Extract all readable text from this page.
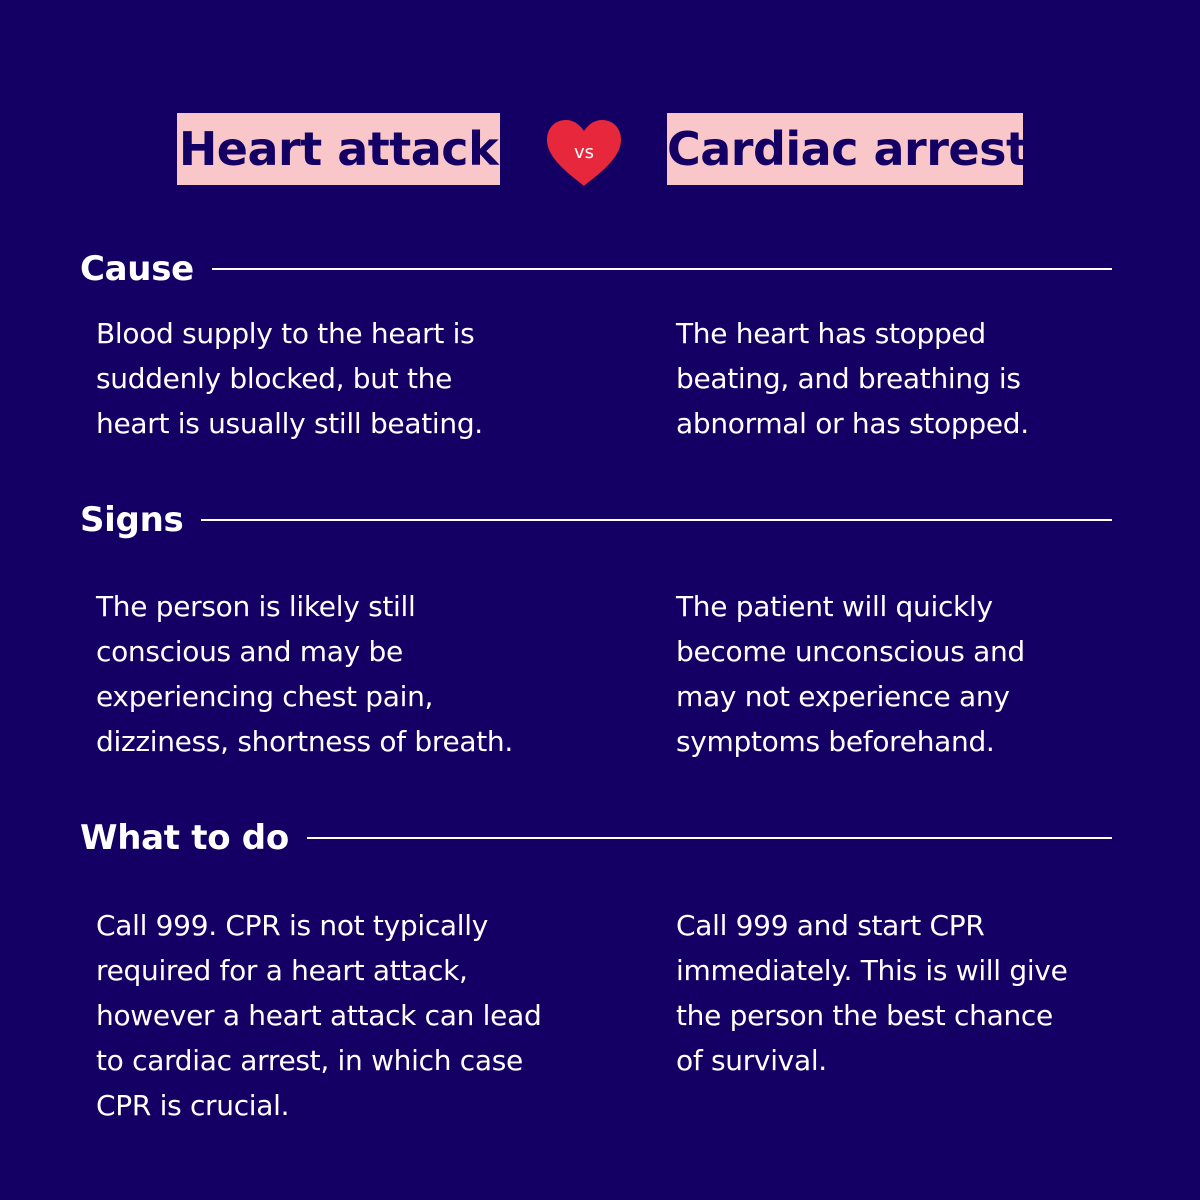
Heart attack	vs Cardiac arrest
Cause
Blood supply to the heart is
suddenly blocked, but the
heart is usually still beating.
The heart has stopped
beating, and breathing is
abnormal or has stopped.
Signs
The person is likely still
conscious and may be
experiencing chest pain,
dizziness, shortness of breath.
The patient will quickly
become unconscious and
may not experience any
symptoms beforehand.
What to do
Call 999. CPR is not typically
required for a heart attack,
however a heart attack can lead
to cardiac arrest, in which case
CPR is crucial.
Call 999 and start CPR
immediately. This is will give
the person the best chance
of survival.
